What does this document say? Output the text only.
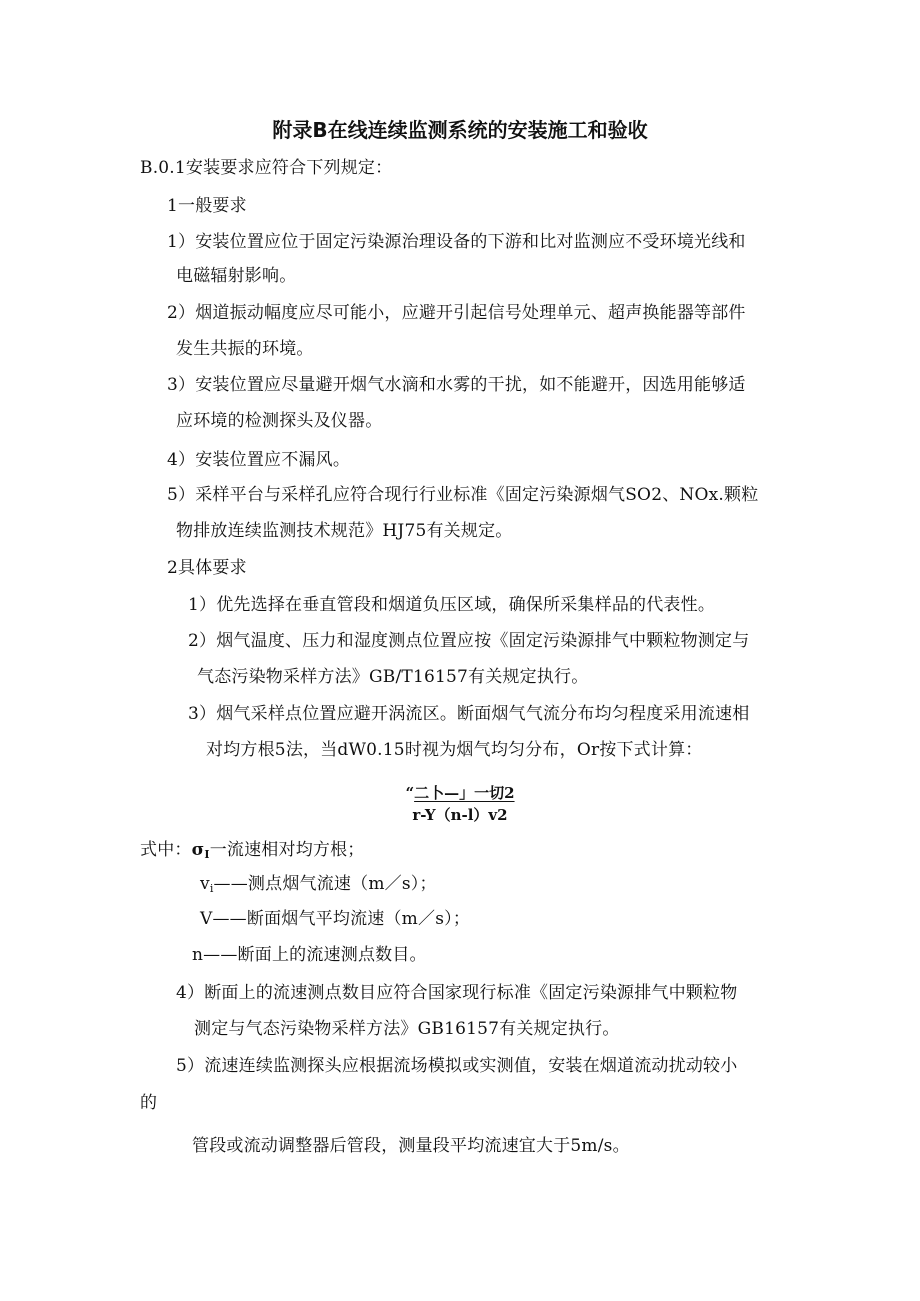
附录B在线连续监测系统的安装施工和验收
B.0.1安装要求应符合下列规定：
1一般要求
1）安装位置应位于固定污染源治理设备的下游和比对监测应不受环境光线和
电磁辐射影响。
2）烟道振动幅度应尽可能小，应避开引起信号处理单元、超声换能器等部件
发生共振的环境。
3）安装位置应尽量避开烟气水滴和水雾的干扰，如不能避开，因选用能够适
应环境的检测探头及仪器。
4）安装位置应不漏风。
5）采样平台与采样孔应符合现行行业标准《固定污染源烟气SO2、NOx.颗粒
物排放连续监测技术规范》HJ75有关规定。
2具体要求
1）优先选择在垂直管段和烟道负压区域，确保所采集样品的代表性。
2）烟气温度、压力和湿度测点位置应按《固定污染源排气中颗粒物测定与
气态污染物采样方法》GB/T16157有关规定执行。
3）烟气采样点位置应避开涡流区。断面烟气气流分布均匀程度采用流速相
对均方根5法，当dW0.15时视为烟气均匀分布，Or按下式计算：
“二卜—」一切2
r-Y（n-l）v2
式中：$\sigma_I$一流速相对均方根；
$v_i——$测点烟气流速（m／s）；
V——断面烟气平均流速（m／s）；
n——断面上的流速测点数目。
4）断面上的流速测点数目应符合国家现行标准《固定污染源排气中颗粒物
测定与气态污染物采样方法》GB16157有关规定执行。
5）流速连续监测探头应根据流场模拟或实测值，安装在烟道流动扰动较小
的
管段或流动调整器后管段，测量段平均流速宜大于5m/s。
